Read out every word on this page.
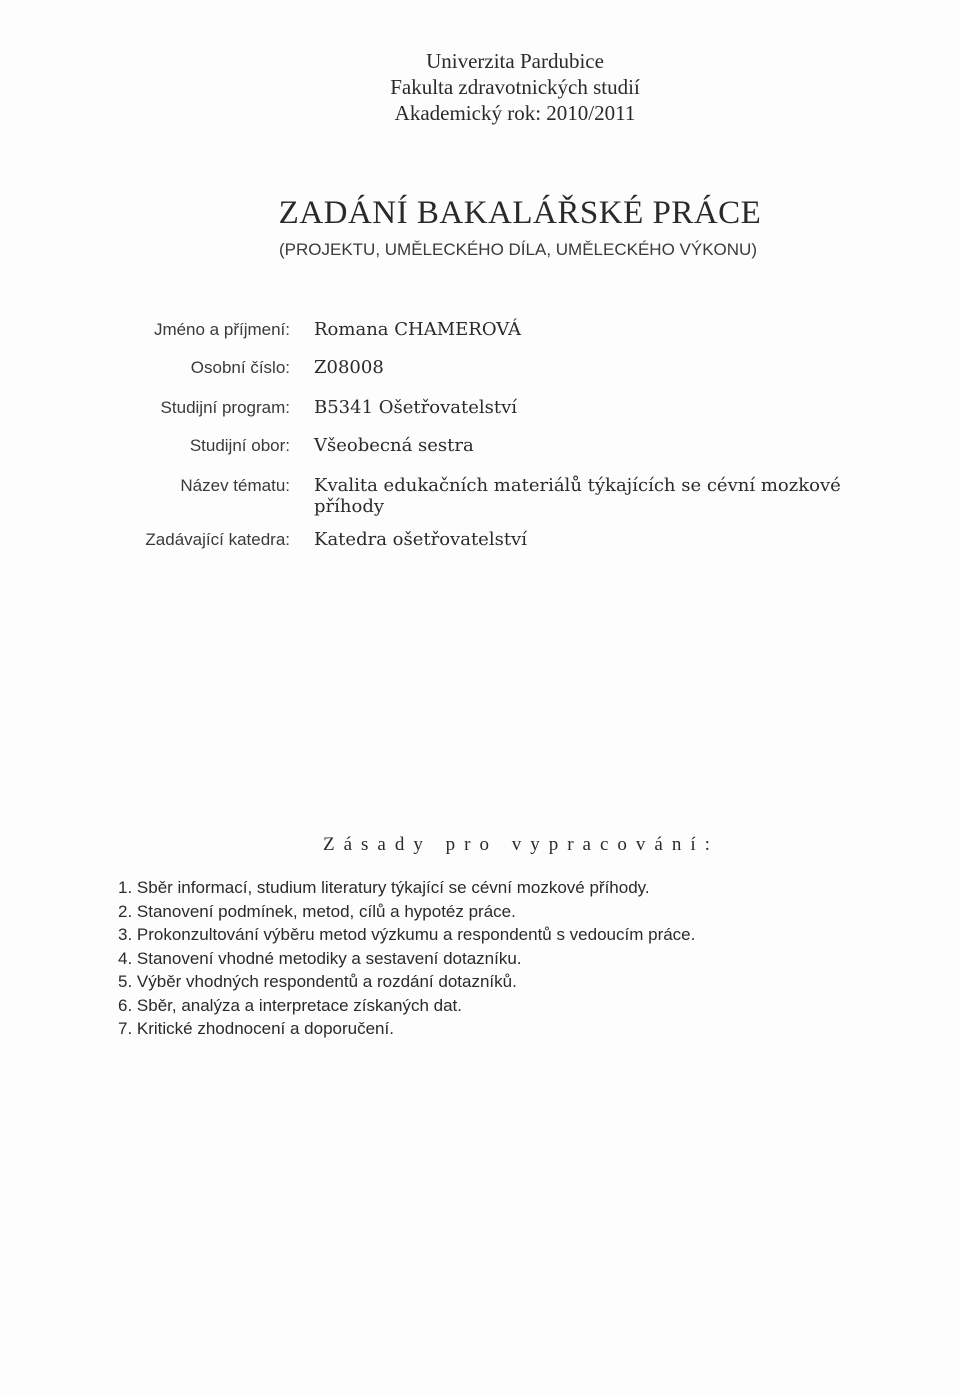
Univerzita Pardubice
Fakulta zdravotnických studií
Akademický rok: 2010/2011
ZADÁNÍ BAKALÁŘSKÉ PRÁCE
(PROJEKTU, UMĚLECKÉHO DÍLA, UMĚLECKÉHO VÝKONU)
Jméno a příjmení: Romana CHAMEROVÁ
Osobní číslo: Z08008
Studijní program: B5341 Ošetřovatelství
Studijní obor: Všeobecná sestra
Název tématu: Kvalita edukačních materiálů týkajících se cévní mozkové příhody
Zadávající katedra: Katedra ošetřovatelství
Zásady pro vypracování:
1. Sběr informací, studium literatury týkající se cévní mozkové příhody.
2. Stanovení podmínek, metod, cílů a hypotéz práce.
3. Prokonzultování výběru metod výzkumu a respondentů s vedoucím práce.
4. Stanovení vhodné metodiky a sestavení dotazníku.
5. Výběr vhodných respondentů a rozdání dotazníků.
6. Sběr, analýza a interpretace získaných dat.
7. Kritické zhodnocení a doporučení.
